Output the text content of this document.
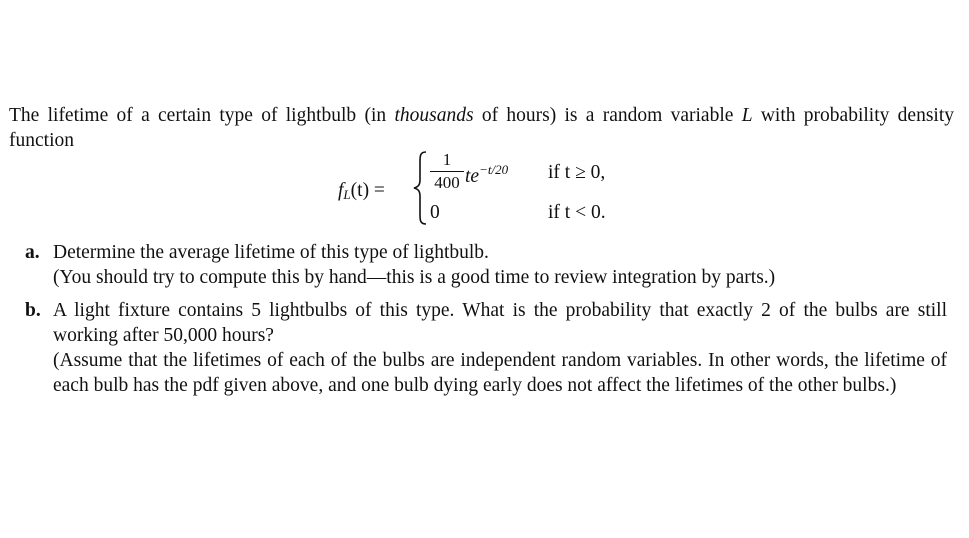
The lifetime of a certain type of lightbulb (in thousands of hours) is a random variable L with probability density function
$f_L(t)$ =
1
400 $te^{-t/20}$ if t ≥ 0,
0	if t < 0.
a. Determine the average lifetime of this type of lightbulb.

(You should try to compute this by hand—this is a good time to review integration by parts.)

b. A light fixture contains 5 lightbulbs of this type. What is the probability that exactly 2 of the bulbs are still working after 50,000 hours?

(Assume that the lifetimes of each of the bulbs are independent random variables. In other words, the lifetime of each bulb has the pdf given above, and one bulb dying early does not affect the lifetimes of the other bulbs.)
